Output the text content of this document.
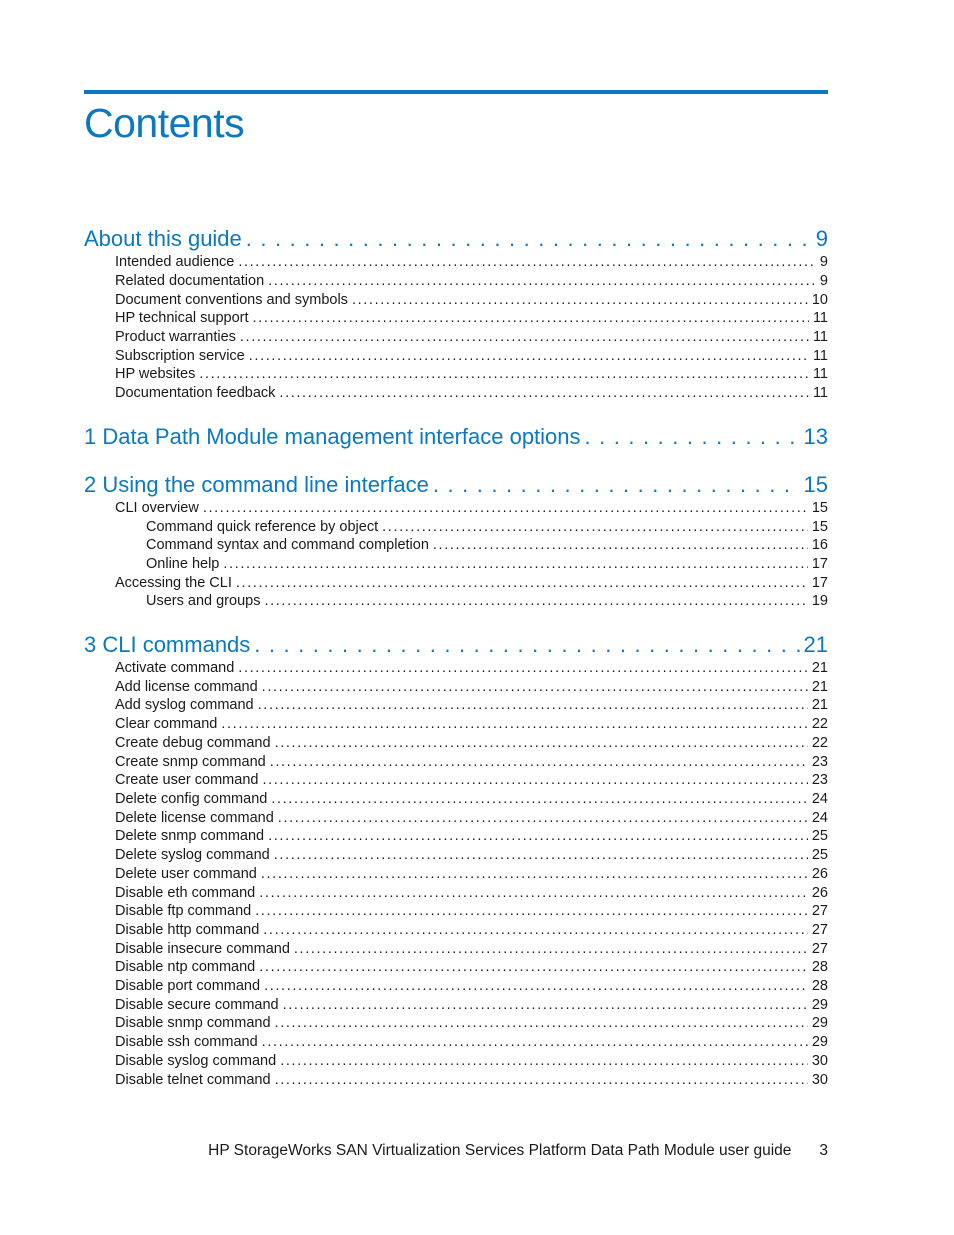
Contents
About this guide . . .	9
Intended audience . . .	9
Related documentation . . .	9
Document conventions and symbols . . .	10
HP technical support . . .	11
Product warranties . . .	11
Subscription service . . .	11
HP websites . . .	11
Documentation feedback . . .	11
1 Data Path Module management interface options . . .	13
2 Using the command line interface . . .	15
CLI overview . . .	15
Command quick reference by object . . .	15
Command syntax and command completion . . .	16
Online help . . .	17
Accessing the CLI . . .	17
Users and groups . . .	19
3 CLI commands . . .	21
Activate command . . .	21
Add license command . . .	21
Add syslog command . . .	21
Clear command . . .	22
Create debug command . . .	22
Create snmp command . . .	23
Create user command . . .	23
Delete config command . . .	24
Delete license command . . .	24
Delete snmp command . . .	25
Delete syslog command . . .	25
Delete user command . . .	26
Disable eth command . . .	26
Disable ftp command . . .	27
Disable http command . . .	27
Disable insecure command . . .	27
Disable ntp command . . .	28
Disable port command . . .	28
Disable secure command . . .	29
Disable snmp command . . .	29
Disable ssh command . . .	29
Disable syslog command . . .	30
Disable telnet command . . .	30
HP StorageWorks SAN Virtualization Services Platform Data Path Module user guide 3
